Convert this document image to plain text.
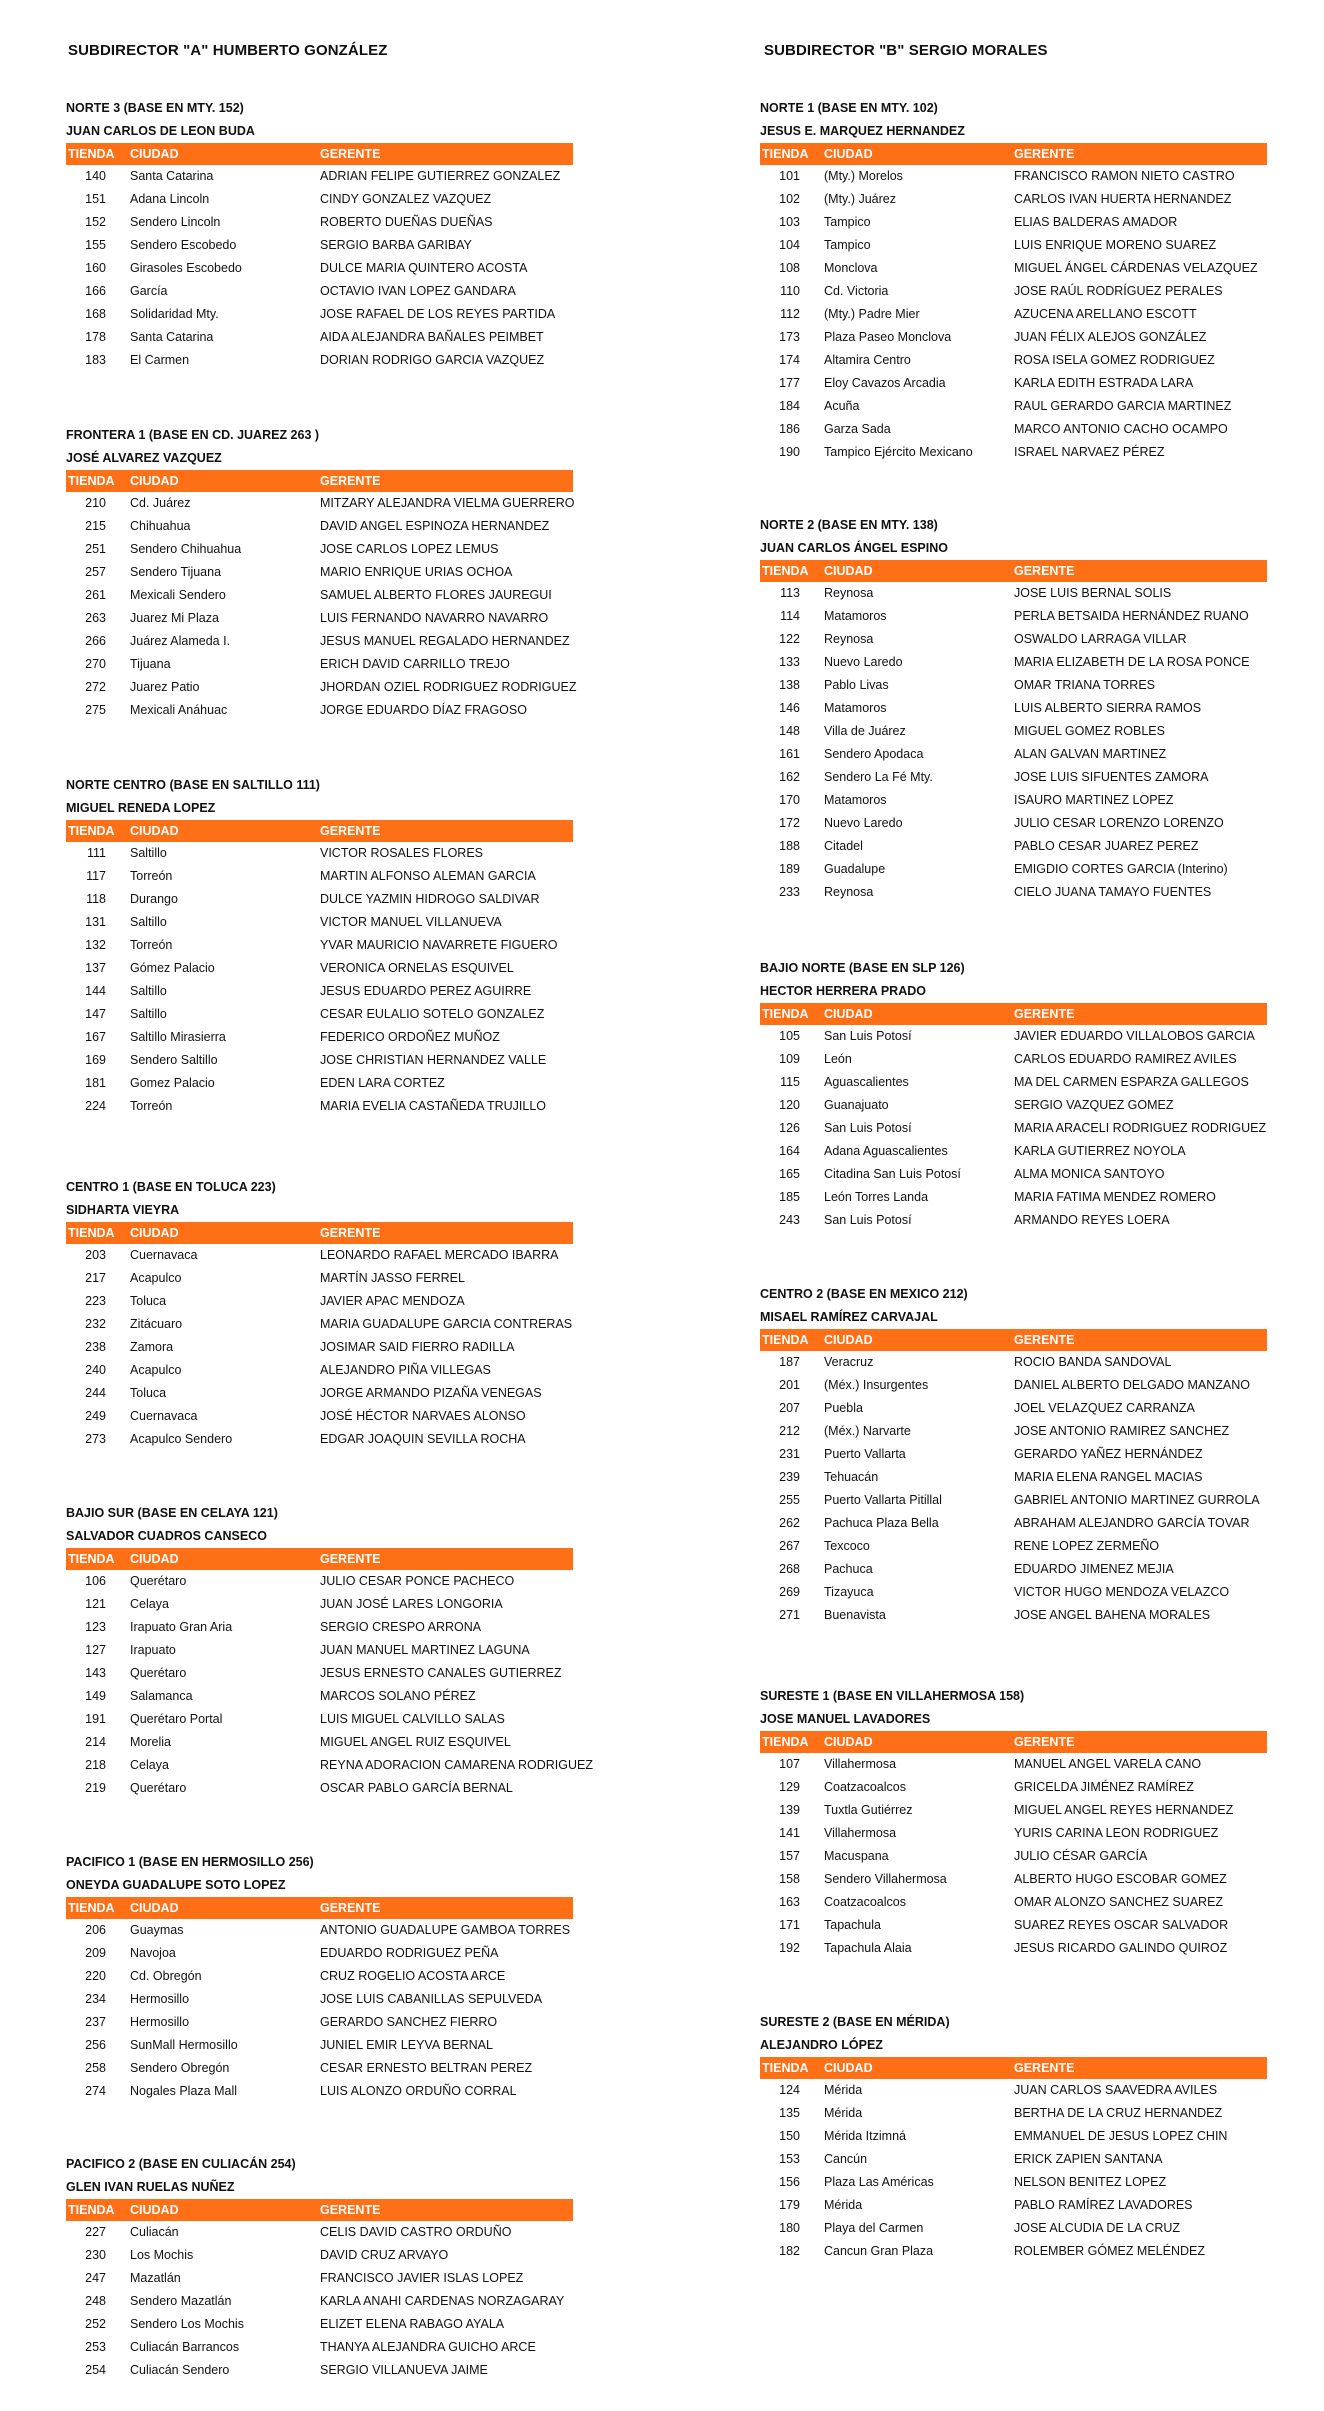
SUBDIRECTOR "A" HUMBERTO GONZÁLEZ
NORTE 3 (BASE EN MTY. 152)
JUAN CARLOS DE LEON BUDA
TIENDA	CIUDAD	GERENTE
140	Santa Catarina	ADRIAN FELIPE GUTIERREZ GONZALEZ
151	Adana Lincoln	CINDY GONZALEZ VAZQUEZ
152	Sendero Lincoln	ROBERTO DUEÑAS DUEÑAS
155	Sendero Escobedo	SERGIO BARBA GARIBAY
160	Girasoles Escobedo	DULCE MARIA QUINTERO ACOSTA
166	García	OCTAVIO IVAN LOPEZ GANDARA
168	Solidaridad Mty.	JOSE RAFAEL DE LOS REYES PARTIDA
178	Santa Catarina	AIDA ALEJANDRA BAÑALES PEIMBET
183	El Carmen	DORIAN RODRIGO GARCIA VAZQUEZ
FRONTERA 1 (BASE EN CD. JUAREZ 263 )
JOSÉ ALVAREZ VAZQUEZ
TIENDA	CIUDAD	GERENTE
210	Cd. Juárez	MITZARY ALEJANDRA VIELMA GUERRERO
215	Chihuahua	DAVID ANGEL ESPINOZA HERNANDEZ
251	Sendero Chihuahua	JOSE CARLOS LOPEZ LEMUS
257	Sendero Tijuana	MARIO ENRIQUE URIAS OCHOA
261	Mexicali Sendero	SAMUEL ALBERTO FLORES JAUREGUI
263	Juarez Mi Plaza	LUIS FERNANDO NAVARRO NAVARRO
266	Juárez Alameda I.	JESUS MANUEL REGALADO HERNANDEZ
270	Tijuana	ERICH DAVID CARRILLO TREJO
272	Juarez Patio	JHORDAN OZIEL RODRIGUEZ RODRIGUEZ
275	Mexicali Anáhuac	JORGE EDUARDO DÍAZ FRAGOSO
NORTE CENTRO (BASE EN SALTILLO 111)
MIGUEL RENEDA LOPEZ
TIENDA	CIUDAD	GERENTE
111	Saltillo	VICTOR ROSALES FLORES
117	Torreón	MARTIN ALFONSO ALEMAN GARCIA
118	Durango	DULCE YAZMIN HIDROGO SALDIVAR
131	Saltillo	VICTOR MANUEL VILLANUEVA
132	Torreón	YVAR MAURICIO NAVARRETE FIGUERO
137	Gómez Palacio	VERONICA ORNELAS ESQUIVEL
144	Saltillo	JESUS EDUARDO PEREZ AGUIRRE
147	Saltillo	CESAR EULALIO SOTELO GONZALEZ
167	Saltillo Mirasierra	FEDERICO ORDOÑEZ MUÑOZ
169	Sendero Saltillo	JOSE CHRISTIAN HERNANDEZ VALLE
181	Gomez Palacio	EDEN LARA CORTEZ
224	Torreón	MARIA EVELIA CASTAÑEDA TRUJILLO
CENTRO 1 (BASE EN TOLUCA 223)
SIDHARTA VIEYRA
TIENDA	CIUDAD	GERENTE
203	Cuernavaca	LEONARDO RAFAEL MERCADO IBARRA
217	Acapulco	MARTÍN JASSO FERREL
223	Toluca	JAVIER APAC MENDOZA
232	Zitácuaro	MARIA GUADALUPE GARCIA CONTRERAS
238	Zamora	JOSIMAR SAID FIERRO RADILLA
240	Acapulco	ALEJANDRO PIÑA VILLEGAS
244	Toluca	JORGE ARMANDO PIZAÑA VENEGAS
249	Cuernavaca	JOSÉ HÉCTOR NARVAES ALONSO
273	Acapulco Sendero	EDGAR JOAQUIN SEVILLA ROCHA
BAJIO SUR (BASE EN CELAYA 121)
SALVADOR CUADROS CANSECO
TIENDA	CIUDAD	GERENTE
106	Querétaro	JULIO CESAR PONCE PACHECO
121	Celaya	JUAN JOSÉ LARES LONGORIA
123	Irapuato Gran Aria	SERGIO CRESPO ARRONA
127	Irapuato	JUAN MANUEL MARTINEZ LAGUNA
143	Querétaro	JESUS ERNESTO CANALES GUTIERREZ
149	Salamanca	MARCOS SOLANO PÉREZ
191	Querétaro Portal	LUIS MIGUEL CALVILLO SALAS
214	Morelia	MIGUEL ANGEL RUIZ ESQUIVEL
218	Celaya	REYNA ADORACION CAMARENA RODRIGUEZ
219	Querétaro	OSCAR PABLO GARCÍA BERNAL
PACIFICO 1 (BASE EN HERMOSILLO 256)
ONEYDA GUADALUPE SOTO LOPEZ
TIENDA	CIUDAD	GERENTE
206	Guaymas	ANTONIO GUADALUPE GAMBOA TORRES
209	Navojoa	EDUARDO RODRIGUEZ PEÑA
220	Cd. Obregón	CRUZ ROGELIO ACOSTA ARCE
234	Hermosillo	JOSE LUIS CABANILLAS SEPULVEDA
237	Hermosillo	GERARDO SANCHEZ FIERRO
256	SunMall Hermosillo	JUNIEL EMIR LEYVA BERNAL
258	Sendero Obregón	CESAR ERNESTO BELTRAN PEREZ
274	Nogales Plaza Mall	LUIS ALONZO ORDUÑO CORRAL
PACIFICO 2 (BASE EN CULIACÁN 254)
GLEN IVAN RUELAS NUÑEZ
TIENDA	CIUDAD	GERENTE
227	Culiacán	CELIS DAVID CASTRO ORDUÑO
230	Los Mochis	DAVID CRUZ ARVAYO
247	Mazatlán	FRANCISCO JAVIER ISLAS LOPEZ
248	Sendero Mazatlán	KARLA ANAHI CARDENAS NORZAGARAY
252	Sendero Los Mochis	ELIZET ELENA RABAGO AYALA
253	Culiacán Barrancos	THANYA ALEJANDRA GUICHO ARCE
254	Culiacán Sendero	SERGIO VILLANUEVA JAIME
SUBDIRECTOR "B" SERGIO MORALES
NORTE 1 (BASE EN MTY. 102)
JESUS E. MARQUEZ HERNANDEZ
TIENDA	CIUDAD	GERENTE
101	(Mty.) Morelos	FRANCISCO RAMON NIETO CASTRO
102	(Mty.) Juárez	CARLOS IVAN HUERTA HERNANDEZ
103	Tampico	ELIAS BALDERAS AMADOR
104	Tampico	LUIS ENRIQUE MORENO SUAREZ
108	Monclova	MIGUEL ÁNGEL CÁRDENAS VELAZQUEZ
110	Cd. Victoria	JOSE RAÚL RODRÍGUEZ PERALES
112	(Mty.) Padre Mier	AZUCENA ARELLANO ESCOTT
173	Plaza Paseo Monclova	JUAN FÉLIX ALEJOS GONZÁLEZ
174	Altamira Centro	ROSA ISELA GOMEZ RODRIGUEZ
177	Eloy Cavazos Arcadia	KARLA EDITH ESTRADA LARA
184	Acuña	RAUL GERARDO GARCIA MARTINEZ
186	Garza Sada	MARCO ANTONIO CACHO OCAMPO
190	Tampico Ejército Mexicano	ISRAEL NARVAEZ PÉREZ
NORTE 2 (BASE EN MTY. 138)
JUAN CARLOS ÁNGEL ESPINO
TIENDA	CIUDAD	GERENTE
113	Reynosa	JOSE LUIS BERNAL SOLIS
114	Matamoros	PERLA BETSAIDA HERNÁNDEZ RUANO
122	Reynosa	OSWALDO LARRAGA VILLAR
133	Nuevo Laredo	MARIA ELIZABETH DE LA ROSA PONCE
138	Pablo Livas	OMAR TRIANA TORRES
146	Matamoros	LUIS ALBERTO SIERRA RAMOS
148	Villa de Juárez	MIGUEL GOMEZ ROBLES
161	Sendero Apodaca	ALAN GALVAN MARTINEZ
162	Sendero La Fé Mty.	JOSE LUIS SIFUENTES ZAMORA
170	Matamoros	ISAURO MARTINEZ LOPEZ
172	Nuevo Laredo	JULIO CESAR LORENZO LORENZO
188	Citadel	PABLO CESAR JUAREZ PEREZ
189	Guadalupe	EMIGDIO CORTES GARCIA (Interino)
233	Reynosa	CIELO JUANA TAMAYO FUENTES
BAJIO NORTE (BASE EN SLP 126)
HECTOR HERRERA PRADO
TIENDA	CIUDAD	GERENTE
105	San Luis Potosí	JAVIER EDUARDO VILLALOBOS GARCIA
109	León	CARLOS EDUARDO RAMIREZ AVILES
115	Aguascalientes	MA DEL CARMEN ESPARZA GALLEGOS
120	Guanajuato	SERGIO VAZQUEZ GOMEZ
126	San Luis Potosí	MARIA ARACELI RODRIGUEZ RODRIGUEZ
164	Adana Aguascalientes	KARLA GUTIERREZ NOYOLA
165	Citadina San Luis Potosí	ALMA MONICA SANTOYO
185	León Torres Landa	MARIA FATIMA MENDEZ ROMERO
243	San Luis Potosí	ARMANDO REYES LOERA
CENTRO 2 (BASE EN MEXICO 212)
MISAEL RAMÍREZ CARVAJAL
TIENDA	CIUDAD	GERENTE
187	Veracruz	ROCIO BANDA SANDOVAL
201	(Méx.) Insurgentes	DANIEL ALBERTO DELGADO MANZANO
207	Puebla	JOEL VELAZQUEZ CARRANZA
212	(Méx.) Narvarte	JOSE ANTONIO RAMIREZ SANCHEZ
231	Puerto Vallarta	GERARDO YAÑEZ HERNÁNDEZ
239	Tehuacán	MARIA ELENA RANGEL MACIAS
255	Puerto Vallarta Pitillal	GABRIEL ANTONIO MARTINEZ GURROLA
262	Pachuca Plaza Bella	ABRAHAM ALEJANDRO GARCÍA TOVAR
267	Texcoco	RENE LOPEZ ZERMEÑO
268	Pachuca	EDUARDO JIMENEZ MEJIA
269	Tizayuca	VICTOR HUGO MENDOZA VELAZCO
271	Buenavista	JOSE ANGEL BAHENA MORALES
SURESTE 1 (BASE EN VILLAHERMOSA 158)
JOSE MANUEL LAVADORES
TIENDA	CIUDAD	GERENTE
107	Villahermosa	MANUEL ANGEL VARELA CANO
129	Coatzacoalcos	GRICELDA JIMÉNEZ RAMÍREZ
139	Tuxtla Gutiérrez	MIGUEL ANGEL REYES HERNANDEZ
141	Villahermosa	YURIS CARINA LEON RODRIGUEZ
157	Macuspana	JULIO CÉSAR GARCÍA
158	Sendero Villahermosa	ALBERTO HUGO ESCOBAR GOMEZ
163	Coatzacoalcos	OMAR ALONZO SANCHEZ SUAREZ
171	Tapachula	SUAREZ REYES OSCAR SALVADOR
192	Tapachula Alaia	JESUS RICARDO GALINDO QUIROZ
SURESTE 2 (BASE EN MÉRIDA)
ALEJANDRO LÓPEZ
TIENDA	CIUDAD	GERENTE
124	Mérida	JUAN CARLOS SAAVEDRA AVILES
135	Mérida	BERTHA DE LA CRUZ HERNANDEZ
150	Mérida Itzimná	EMMANUEL DE JESUS LOPEZ CHIN
153	Cancún	ERICK ZAPIEN SANTANA
156	Plaza Las Américas	NELSON BENITEZ LOPEZ
179	Mérida	PABLO RAMÍREZ LAVADORES
180	Playa del Carmen	JOSE ALCUDIA DE LA CRUZ
182	Cancun Gran Plaza	ROLEMBER GÓMEZ MELÉNDEZ
